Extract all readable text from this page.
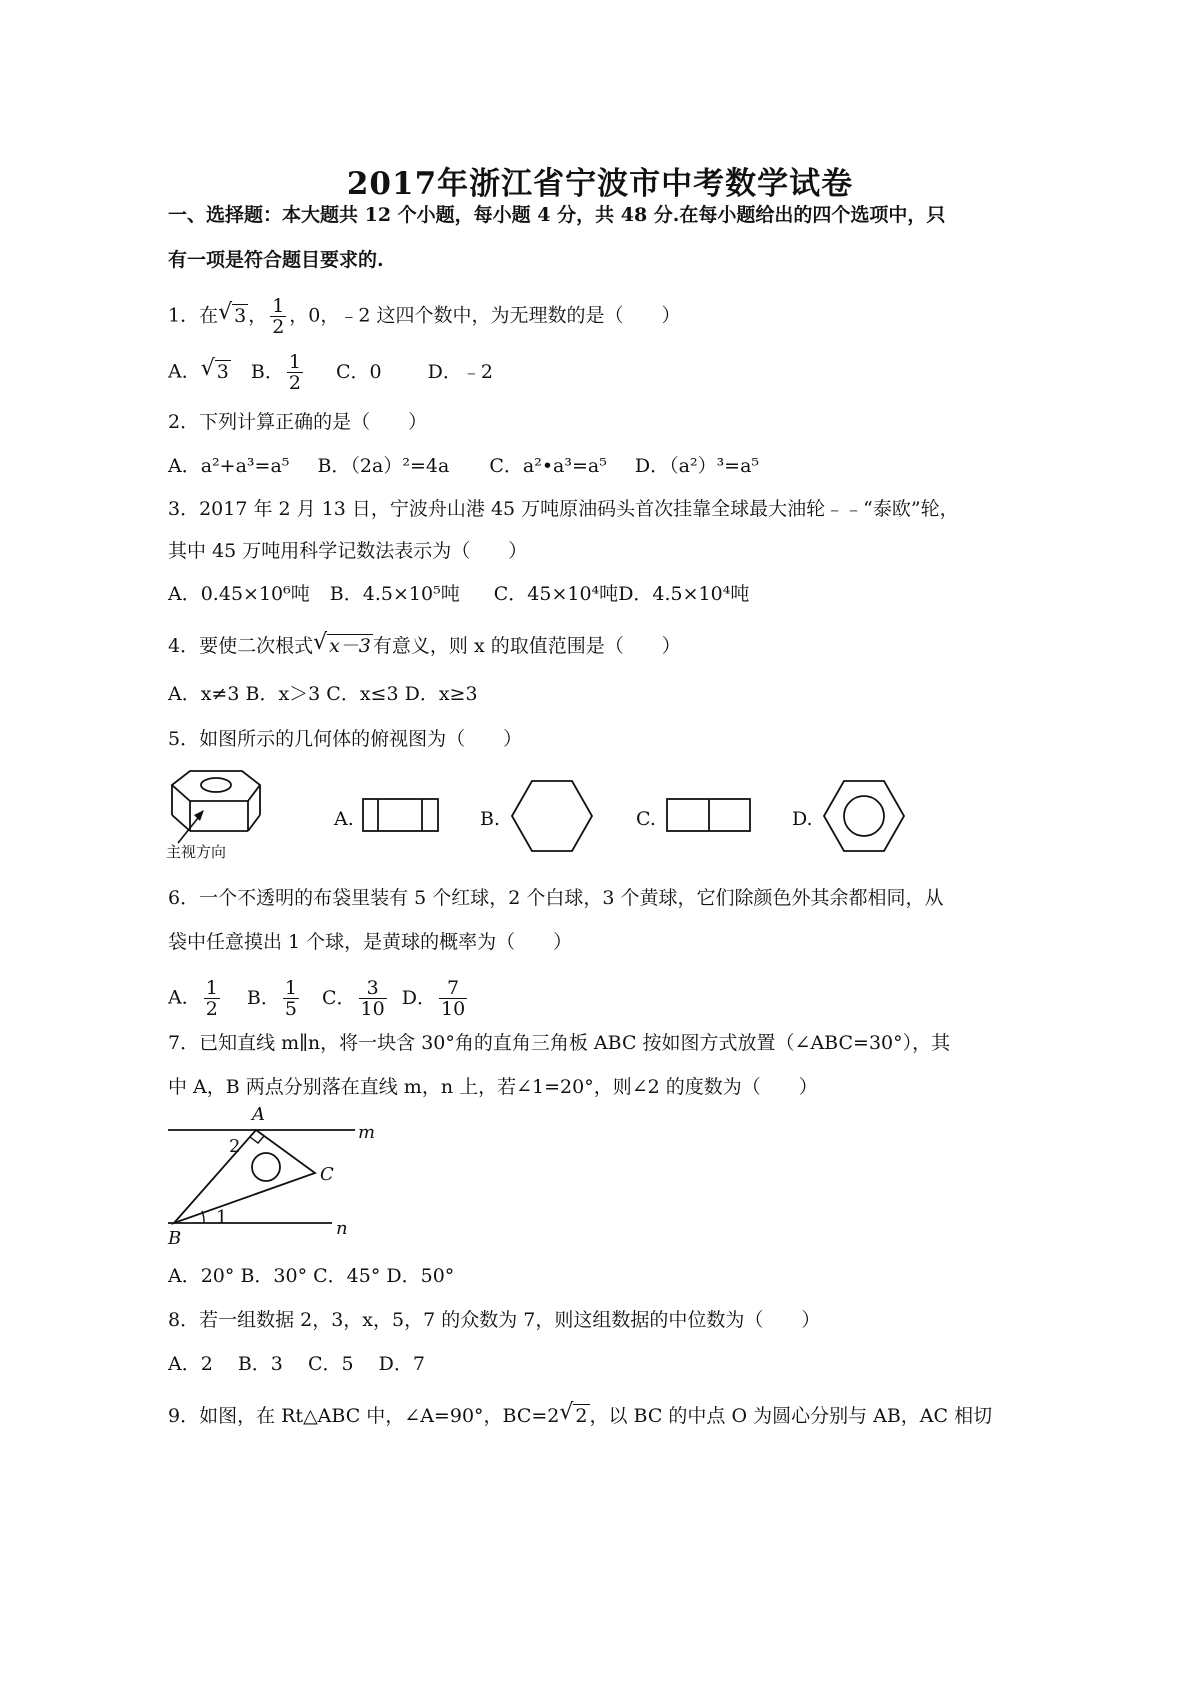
2017年浙江省宁波市中考数学试卷
一、选择题：本大题共 12 个小题，每小题 4 分，共 48 分.在每小题给出的四个选项中，只
有一项是符合题目要求的.
1．在 √ 3 ， $\frac{1}{2}$ ，0，﹣2 这四个数中，为无理数的是（　　）
A． √ 3 B． $\frac{1}{2}$ C．0 D．﹣2
2．下列计算正确的是（　　）
A．a²+a³=a⁵ B．（2a）²=4a C．a²•a³=a⁵ D．（a²）³=a⁵
3．2017 年 2 月 13 日，宁波舟山港 45 万吨原油码头首次挂靠全球最大油轮﹣﹣“泰欧”轮，
其中 45 万吨用科学记数法表示为（　　）
A．0.45×10⁶吨 B．4.5×10⁵吨 C．45×10⁴吨D．4.5×10⁴吨
4．要使二次根式 √ x－3 有意义，则 x 的取值范围是（　　）
A．x≠3 B．x＞3 C．x≤3 D．x≥3
5．如图所示的几何体的俯视图为（　　）
主视方向
A.	B.	C.	D.
6．一个不透明的布袋里装有 5 个红球，2 个白球，3 个黄球，它们除颜色外其余都相同，从
袋中任意摸出 1 个球，是黄球的概率为（　　）
A． $\frac{1}{2}$ B． $\frac{1}{5}$ C． $\frac{3}{10}$ D． $\frac{7}{10}$
7．已知直线 m∥n，将一块含 30°角的直角三角板 ABC 按如图方式放置（∠ABC=30°），其
中 A，B 两点分别落在直线 m，n 上，若∠1=20°，则∠2 的度数为（　　）
A
B
C
m
n
1
2
A．20° B．30° C．45° D．50°
8．若一组数据 2，3，x，5，7 的众数为 7，则这组数据的中位数为（　　）
A．2　 B．3　 C．5　 D．7
9．如图，在 Rt△ABC 中，∠A=90°，BC=2 √ 2 ，以 BC 的中点 O 为圆心分别与 AB，AC 相切
